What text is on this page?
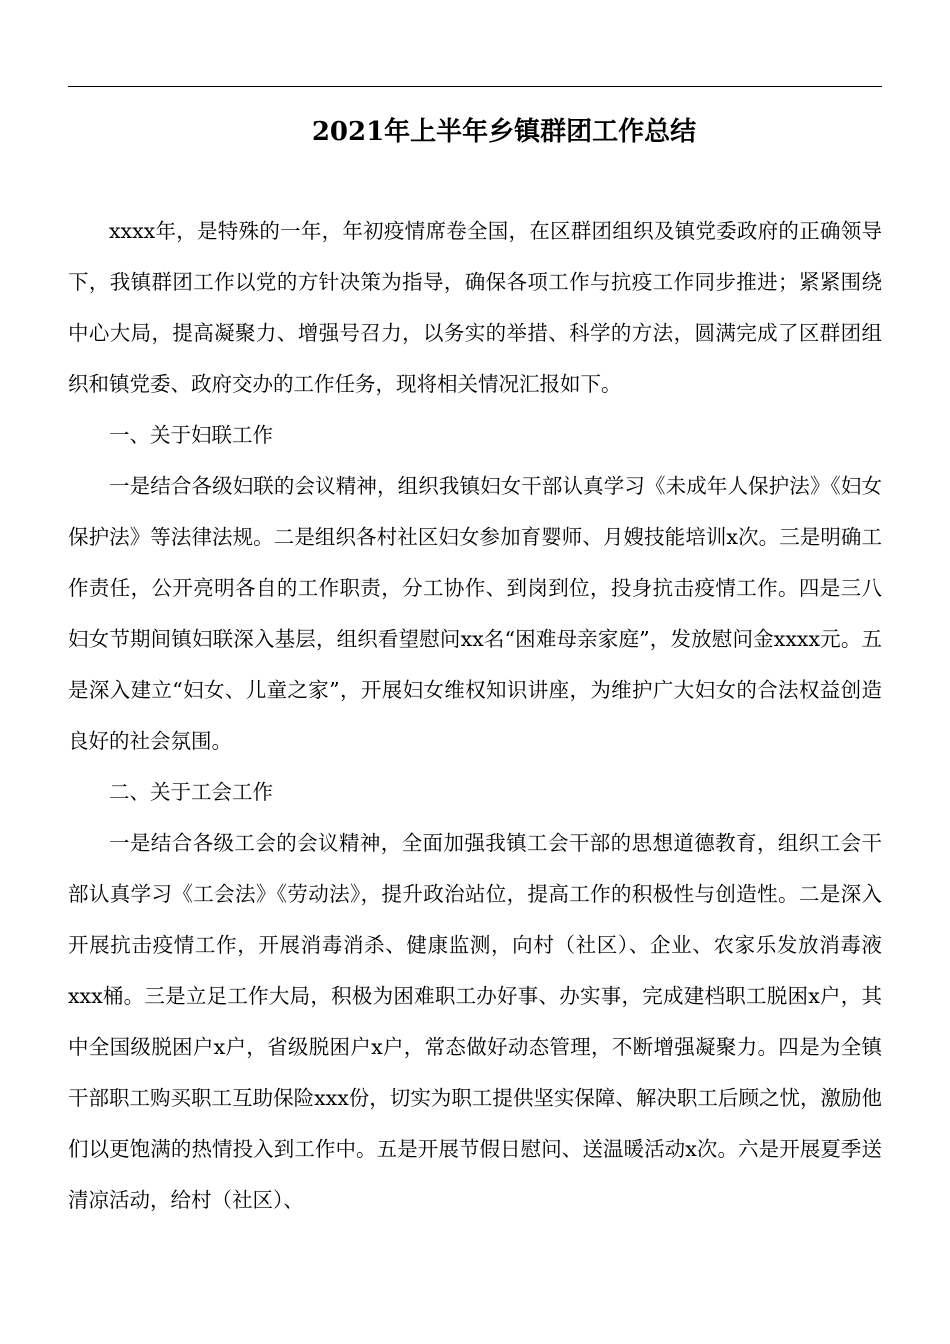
2021年上半年乡镇群团工作总结

xxxx年，是特殊的一年，年初疫情席卷全国，在区群团组织及镇党委政府的正确领导下，我镇群团工作以党的方针决策为指导，确保各项工作与抗疫工作同步推进；紧紧围绕中心大局，提高凝聚力、增强号召力，以务实的举措、科学的方法，圆满完成了区群团组织和镇党委、政府交办的工作任务，现将相关情况汇报如下。

一、关于妇联工作

一是结合各级妇联的会议精神，组织我镇妇女干部认真学习《未成年人保护法》《妇女保护法》等法律法规。二是组织各村社区妇女参加育婴师、月嫂技能培训x次。三是明确工作责任，公开亮明各自的工作职责，分工协作、到岗到位，投身抗击疫情工作。四是三八妇女节期间镇妇联深入基层，组织看望慰问xx名“困难母亲家庭”，发放慰问金xxxx元。五是深入建立“妇女、儿童之家”，开展妇女维权知识讲座，为维护广大妇女的合法权益创造良好的社会氛围。

二、关于工会工作

一是结合各级工会的会议精神，全面加强我镇工会干部的思想道德教育，组织工会干部认真学习《工会法》《劳动法》，提升政治站位，提高工作的积极性与创造性。二是深入开展抗击疫情工作，开展消毒消杀、健康监测，向村（社区）、企业、农家乐发放消毒液xxx桶。三是立足工作大局，积极为困难职工办好事、办实事，完成建档职工脱困x户，其中全国级脱困户x户，省级脱困户x户，常态做好动态管理，不断增强凝聚力。四是为全镇干部职工购买职工互助保险xxx份，切实为职工提供坚实保障、解决职工后顾之忧，激励他们以更饱满的热情投入到工作中。五是开展节假日慰问、送温暖活动x次。六是开展夏季送清凉活动，给村（社区）、
